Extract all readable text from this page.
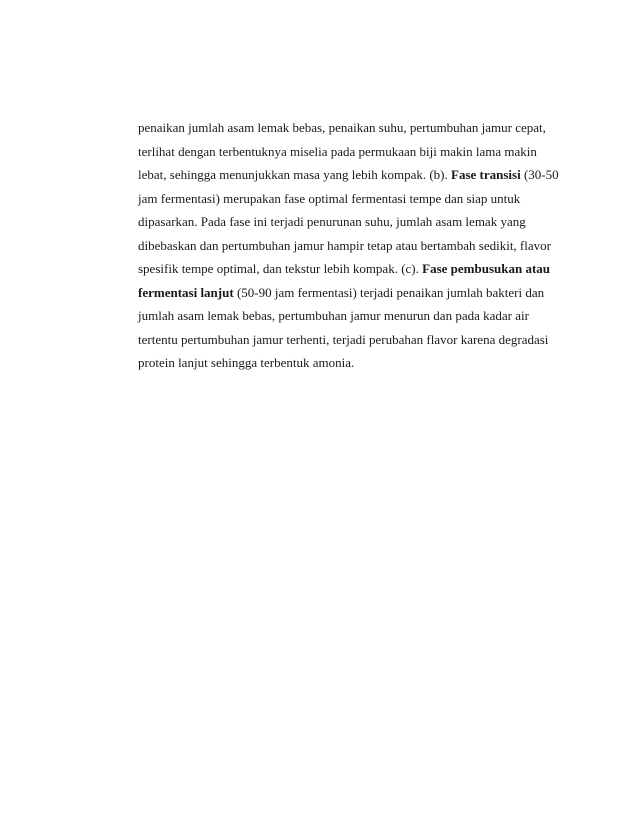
penaikan jumlah asam lemak bebas, penaikan suhu, pertumbuhan jamur cepat,
terlihat dengan terbentuknya miselia pada permukaan biji makin lama makin
lebat, sehingga menunjukkan masa yang lebih kompak. (b). Fase transisi (30-50
jam fermentasi) merupakan fase optimal fermentasi tempe dan siap untuk
dipasarkan. Pada fase ini terjadi penurunan suhu, jumlah asam lemak yang
dibebaskan dan pertumbuhan jamur hampir tetap atau bertambah sedikit, flavor
spesifik tempe optimal, dan tekstur lebih kompak. (c). Fase pembusukan atau
fermentasi lanjut (50-90 jam fermentasi) terjadi penaikan jumlah bakteri dan
jumlah asam lemak bebas, pertumbuhan jamur menurun dan pada kadar air
tertentu pertumbuhan jamur terhenti, terjadi perubahan flavor karena degradasi
protein lanjut sehingga terbentuk amonia.
